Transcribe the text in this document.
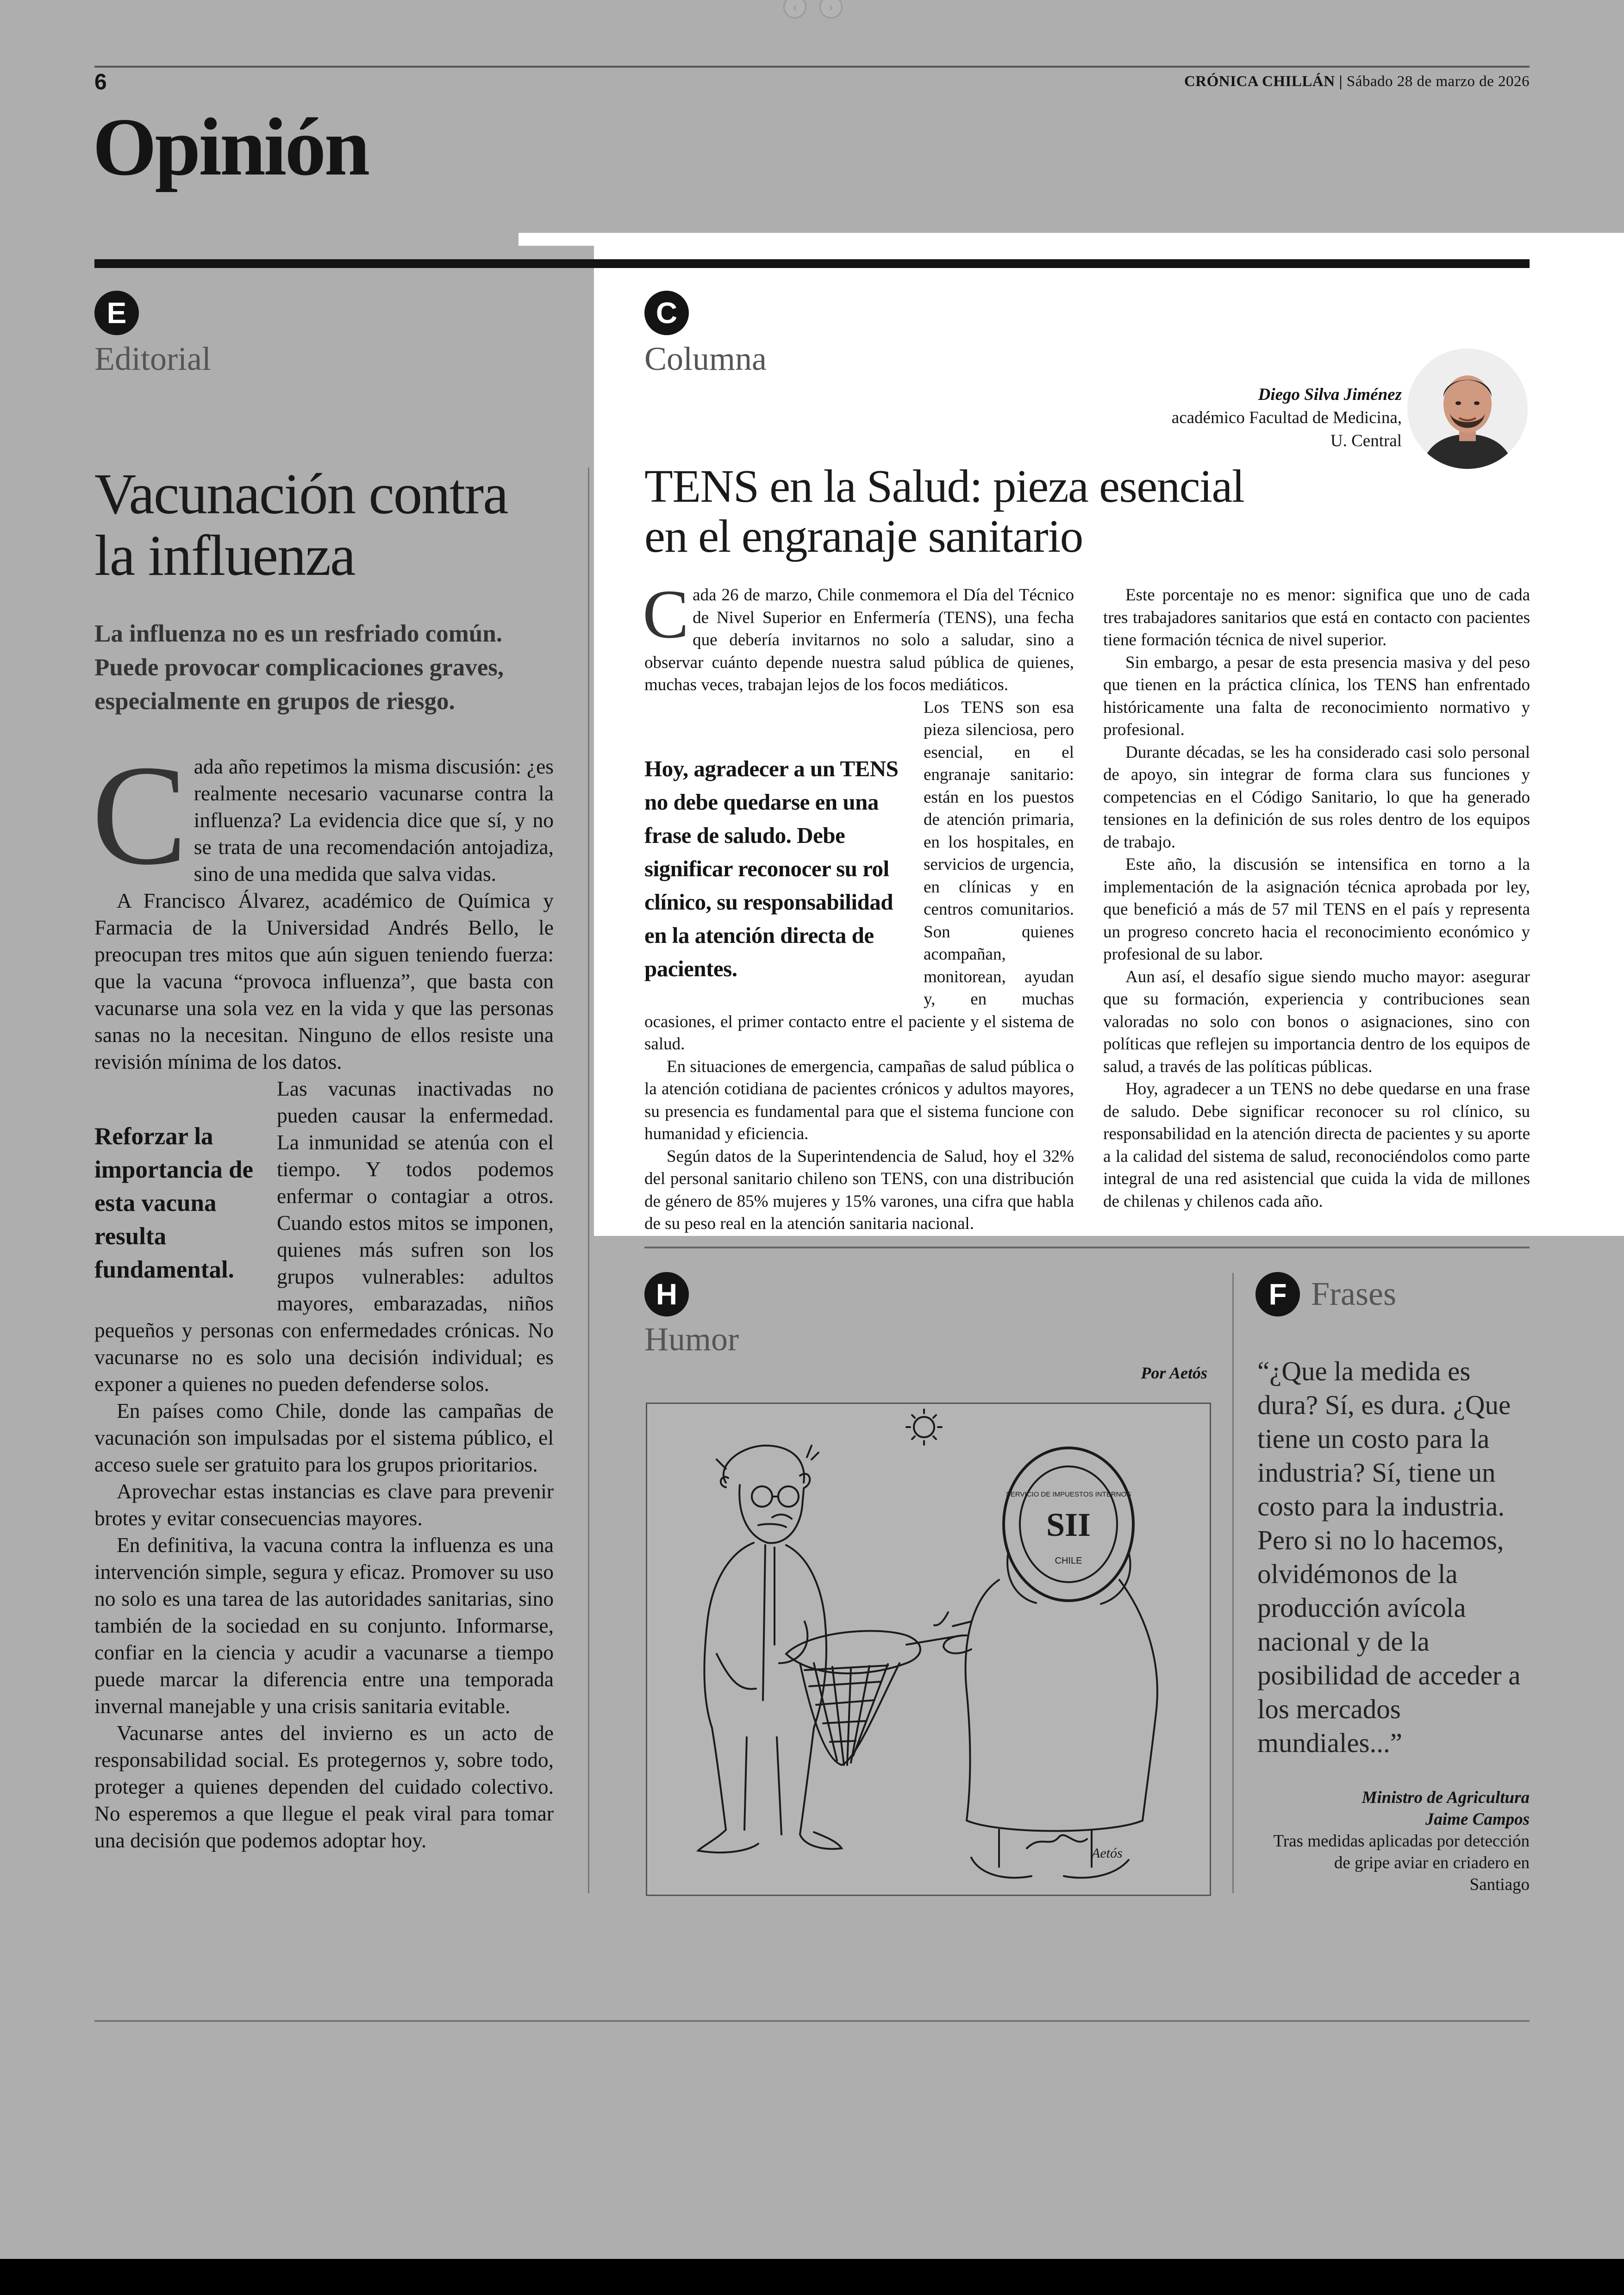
‹	›
6	CRÓNICA CHILLÁN | Sábado 28 de marzo de 2026
Opinión
E
Editorial
Vacunación contra la influenza

La influenza no es un resfriado común. Puede provocar complicaciones graves, especialmente en grupos de riesgo.

C ada año repetimos la misma discusión: ¿es realmente necesario vacunarse contra la influenza? La evidencia dice que sí, y no se trata de una recomendación antojadiza, sino de una medida que salva vidas.

A Francisco Álvarez, académico de Química y Farmacia de la Universidad Andrés Bello, le preocupan tres mitos que aún siguen teniendo fuerza: que la vacuna “provoca influenza”, que basta con vacunarse una sola vez en la vida y que las personas sanas no la necesitan. Ninguno de ellos resiste una revisión mínima de los datos.

Reforzar la importancia de esta vacuna resulta fundamental.

Las vacunas inactivadas no pueden causar la enfermedad. La inmunidad se atenúa con el tiempo. Y todos podemos enfermar o contagiar a otros. Cuando estos mitos se imponen, quienes más sufren son los grupos vulnerables: adultos mayores, embarazadas, niños pequeños y personas con enfermedades crónicas. No vacunarse no es solo una decisión individual; es exponer a quienes no pueden defenderse solos.

En países como Chile, donde las campañas de vacunación son impulsadas por el sistema público, el acceso suele ser gratuito para los grupos prioritarios.

Aprovechar estas instancias es clave para prevenir brotes y evitar consecuencias mayores.

En definitiva, la vacuna contra la influenza es una intervención simple, segura y eficaz. Promover su uso no solo es una tarea de las autoridades sanitarias, sino también de la sociedad en su conjunto. Informarse, confiar en la ciencia y acudir a vacunarse a tiempo puede marcar la diferencia entre una temporada invernal manejable y una crisis sanitaria evitable.

Vacunarse antes del invierno es un acto de responsabilidad social. Es protegernos y, sobre todo, proteger a quienes dependen del cuidado colectivo. No esperemos a que llegue el peak viral para tomar una decisión que podemos adoptar hoy.

C
Columna
Diego Silva Jiménez
académico Facultad de Medicina,
U. Central
TENS en la Salud: pieza esencial en el engranaje sanitario
C ada 26 de marzo, Chile conmemora el Día del Técnico de Nivel Superior en Enfermería (TENS), una fecha que debería invitarnos no solo a saludar, sino a observar cuánto depende nuestra salud pública de quienes, muchas veces, trabajan lejos de los focos mediáticos.

Hoy, agradecer a un TENS no debe quedarse en una frase de saludo. Debe significar reconocer su rol clínico, su responsabilidad en la atención directa de pacientes.

Los TENS son esa pieza silenciosa, pero esencial, en el engranaje sanitario: están en los puestos de atención primaria, en los hospitales, en servicios de urgencia, en clínicas y en centros comunitarios. Son quienes acompañan, monitorean, ayudan y, en muchas ocasiones, el primer contacto entre el paciente y el sistema de salud.

En situaciones de emergencia, campañas de salud pública o la atención cotidiana de pacientes crónicos y adultos mayores, su presencia es fundamental para que el sistema funcione con humanidad y eficiencia.

Según datos de la Superintendencia de Salud, hoy el 32% del personal sanitario chileno son TENS, con una distribución de género de 85% mujeres y 15% varones, una cifra que habla de su peso real en la atención sanitaria nacional.

Este porcentaje no es menor: significa que uno de cada tres trabajadores sanitarios que está en contacto con pacientes tiene formación técnica de nivel superior.

Sin embargo, a pesar de esta presencia masiva y del peso que tienen en la práctica clínica, los TENS han enfrentado históricamente una falta de reconocimiento normativo y profesional.

Durante décadas, se les ha considerado casi solo personal de apoyo, sin integrar de forma clara sus funciones y competencias en el Código Sanitario, lo que ha generado tensiones en la definición de sus roles dentro de los equipos de trabajo.

Este año, la discusión se intensifica en torno a la implementación de la asignación técnica aprobada por ley, que benefició a más de 57 mil TENS en el país y representa un progreso concreto hacia el reconocimiento económico y profesional de su labor.

Aun así, el desafío sigue siendo mucho mayor: asegurar que su formación, experiencia y contribuciones sean valoradas no solo con bonos o asignaciones, sino con políticas que reflejen su importancia dentro de los equipos de salud, a través de las políticas públicas.

Hoy, agradecer a un TENS no debe quedarse en una frase de saludo. Debe significar reconocer su rol clínico, su responsabilidad en la atención directa de pacientes y su aporte a la calidad del sistema de salud, reconociéndolos como parte integral de una red asistencial que cuida la vida de millones de chilenas y chilenos cada año.

H
Humor
Por Aetós
SII
SERVICIO DE IMPUESTOS INTERNOS
CHILE
Aetós
F Frases

“¿Que la medida es dura? Sí, es dura. ¿Que tiene un costo para la industria? Sí, tiene un costo para la industria. Pero si no lo hacemos, olvidémonos de la producción avícola nacional y de la posibilidad de acceder a los mercados mundiales...”

Ministro de Agricultura
Jaime Campos
Tras medidas aplicadas por detección de gripe aviar en criadero en Santiago
